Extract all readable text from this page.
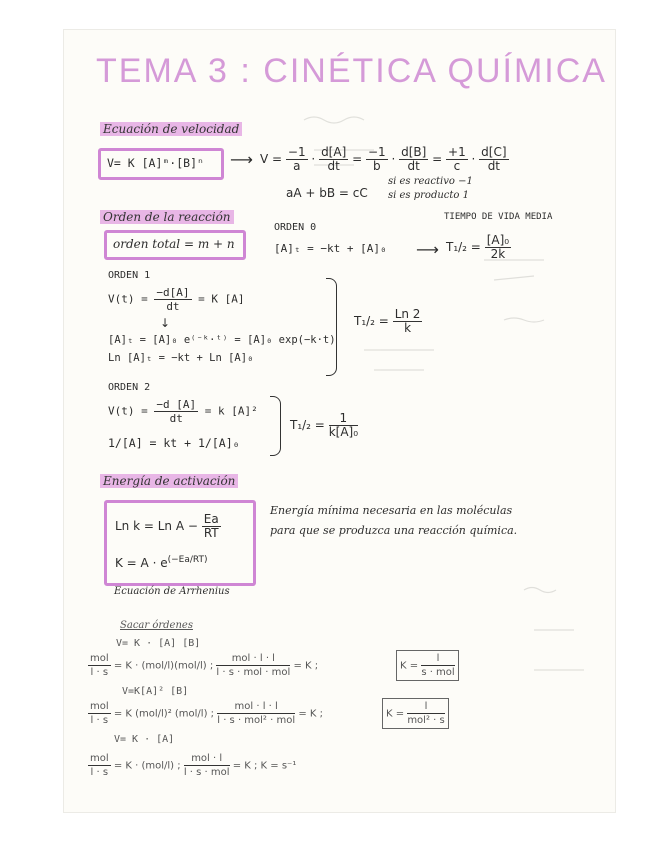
TEMA 3 : CINÉTICA QUÍMICA
Ecuación de velocidad
V= K [A]ᵐ·[B]ⁿ ⟶ $V = \frac{-1}{a} \cdot \frac{d[A]}{dt} = \frac{-1}{b} \cdot \frac{d[B]}{dt} = \frac{+1}{c} \cdot \frac{d[C]}{dt}$
aA + bB = cC
si es reactivo −1
si es producto 1
Orden de la reacción
orden total = m + n
ORDEN 0
[A]ₜ = −kt + [A]₀ ⟶
TIEMPO DE VIDA MEDIA
$T_1/_2 = \frac{\text{[A]₀}}{2k}$
ORDEN 1
$V(t) = \frac{-d[A]}{dt} = K$ [A]
↓
[A]ₜ = [A]₀ e⁽⁻ᵏ·ᵗ⁾ = [A]₀ exp(−k·t)
Ln [A]ₜ = −kt + Ln [A]₀
$T_1/_2 = \frac{Ln 2}{k}$
ORDEN 2
$V(t) = \frac{-d [A]}{dt} = k$ [A]²
1/[A] = kt + 1/[A]₀
$T_1/_2 = \frac{1}{\text{k[A]₀}}$
Energía de activación
Ln k = Ln $A - \frac{Ea}{RT}$
$K = A \cdot e^{(-Ea/RT)}$
Energía mínima necesaria en las moléculas
para que se produzca una reacción química.
Ecuación de Arrhenius
Sacar órdenes
V= K · [A] [B]
$\frac{\text{mol}}{l \cdot s} = K \cdot (mol/l)(mol/l)$ ; $\frac{\text{mol · l · l}}{\text{l · s · mol · mol}} = K$ ;	$K = \frac{l}{\text{s · mol}}$
V=K[A]² [B]
$\frac{\text{mol}}{l \cdot s} = K$ (mol/l)² (mol/l) ; $\frac{\text{mol · l · l}}{\text{l · s · mol² · mol}} = K$ ;	$K = \frac{l}{\text{mol² · s}}$
V= K · [A]
$\frac{\text{mol}}{l \cdot s} = K \cdot (mol/l)$ ; $\frac{\text{mol · l}}{\text{l · s · mol}} = K$ ; K = s⁻¹
